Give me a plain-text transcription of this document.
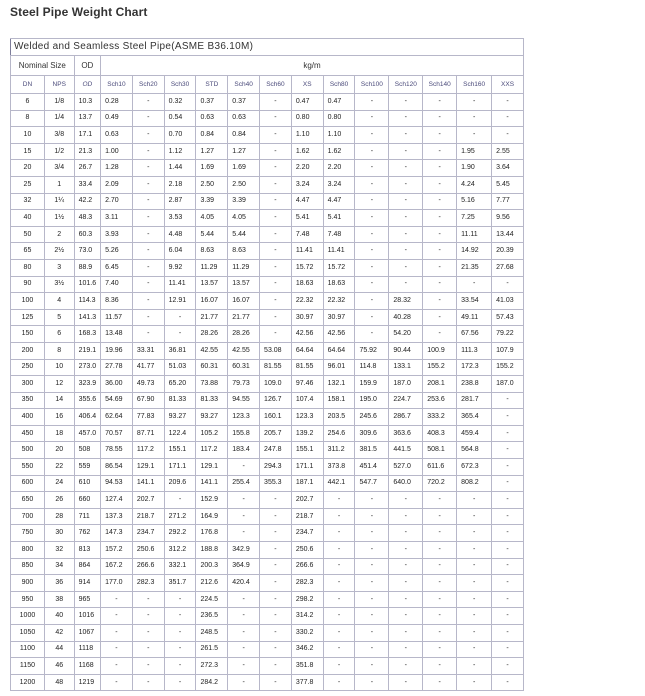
Steel Pipe Weight Chart
Welded and Seamless Steel Pipe(ASME B36.10M)															
Nominal Size		OD	kg/m												
DN	NPS	OD	Sch10	Sch20	Sch30	STD	Sch40	Sch60	XS	Sch80	Sch100	Sch120	Sch140	Sch160	XXS
6	1/8	10.3	0.28	-	0.32	0.37	0.37	-	0.47	0.47	-	-	-	-	-
8	1/4	13.7	0.49	-	0.54	0.63	0.63	-	0.80	0.80	-	-	-	-	-
10	3/8	17.1	0.63	-	0.70	0.84	0.84	-	1.10	1.10	-	-	-	-	-
15	1/2	21.3	1.00	-	1.12	1.27	1.27	-	1.62	1.62	-	-	-	1.95	2.55
20	3/4	26.7	1.28	-	1.44	1.69	1.69	-	2.20	2.20	-	-	-	1.90	3.64
25	1	33.4	2.09	-	2.18	2.50	2.50	-	3.24	3.24	-	-	-	4.24	5.45
32	1¼	42.2	2.70	-	2.87	3.39	3.39	-	4.47	4.47	-	-	-	5.16	7.77
40	1½	48.3	3.11	-	3.53	4.05	4.05	-	5.41	5.41	-	-	-	7.25	9.56
50	2	60.3	3.93	-	4.48	5.44	5.44	-	7.48	7.48	-	-	-	11.11	13.44
65	2½	73.0	5.26	-	6.04	8.63	8.63	-	11.41	11.41	-	-	-	14.92	20.39
80	3	88.9	6.45	-	9.92	11.29	11.29	-	15.72	15.72	-	-	-	21.35	27.68
90	3½	101.6	7.40	-	11.41	13.57	13.57	-	18.63	18.63	-	-	-	-	-
100	4	114.3	8.36	-	12.91	16.07	16.07	-	22.32	22.32	-	28.32	-	33.54	41.03
125	5	141.3	11.57	-	-	21.77	21.77	-	30.97	30.97	-	40.28	-	49.11	57.43
150	6	168.3	13.48	-	-	28.26	28.26	-	42.56	42.56	-	54.20	-	67.56	79.22
200	8	219.1	19.96	33.31	36.81	42.55	42.55	53.08	64.64	64.64	75.92	90.44	100.9	111.3	107.9
250	10	273.0	27.78	41.77	51.03	60.31	60.31	81.55	81.55	96.01	114.8	133.1	155.2	172.3	155.2
300	12	323.9	36.00	49.73	65.20	73.88	79.73	109.0	97.46	132.1	159.9	187.0	208.1	238.8	187.0
350	14	355.6	54.69	67.90	81.33	81.33	94.55	126.7	107.4	158.1	195.0	224.7	253.6	281.7	-
400	16	406.4	62.64	77.83	93.27	93.27	123.3	160.1	123.3	203.5	245.6	286.7	333.2	365.4	-
450	18	457.0	70.57	87.71	122.4	105.2	155.8	205.7	139.2	254.6	309.6	363.6	408.3	459.4	-
500	20	508	78.55	117.2	155.1	117.2	183.4	247.8	155.1	311.2	381.5	441.5	508.1	564.8	-
550	22	559	86.54	129.1	171.1	129.1	-	294.3	171.1	373.8	451.4	527.0	611.6	672.3	-
600	24	610	94.53	141.1	209.6	141.1	255.4	355.3	187.1	442.1	547.7	640.0	720.2	808.2	-
650	26	660	127.4	202.7	-	152.9	-	-	202.7	-	-	-	-	-	-
700	28	711	137.3	218.7	271.2	164.9	-	-	218.7	-	-	-	-	-	-
750	30	762	147.3	234.7	292.2	176.8	-	-	234.7	-	-	-	-	-	-
800	32	813	157.2	250.6	312.2	188.8	342.9	-	250.6	-	-	-	-	-	-
850	34	864	167.2	266.6	332.1	200.3	364.9	-	266.6	-	-	-	-	-	-
900	36	914	177.0	282.3	351.7	212.6	420.4	-	282.3	-	-	-	-	-	-
950	38	965	-	-	-	224.5	-	-	298.2	-	-	-	-	-	-
1000	40	1016	-	-	-	236.5	-	-	314.2	-	-	-	-	-	-
1050	42	1067	-	-	-	248.5	-	-	330.2	-	-	-	-	-	-
1100	44	1118	-	-	-	261.5	-	-	346.2	-	-	-	-	-	-
1150	46	1168	-	-	-	272.3	-	-	351.8	-	-	-	-	-	-
1200	48	1219	-	-	-	284.2	-	-	377.8	-	-	-	-	-	-
